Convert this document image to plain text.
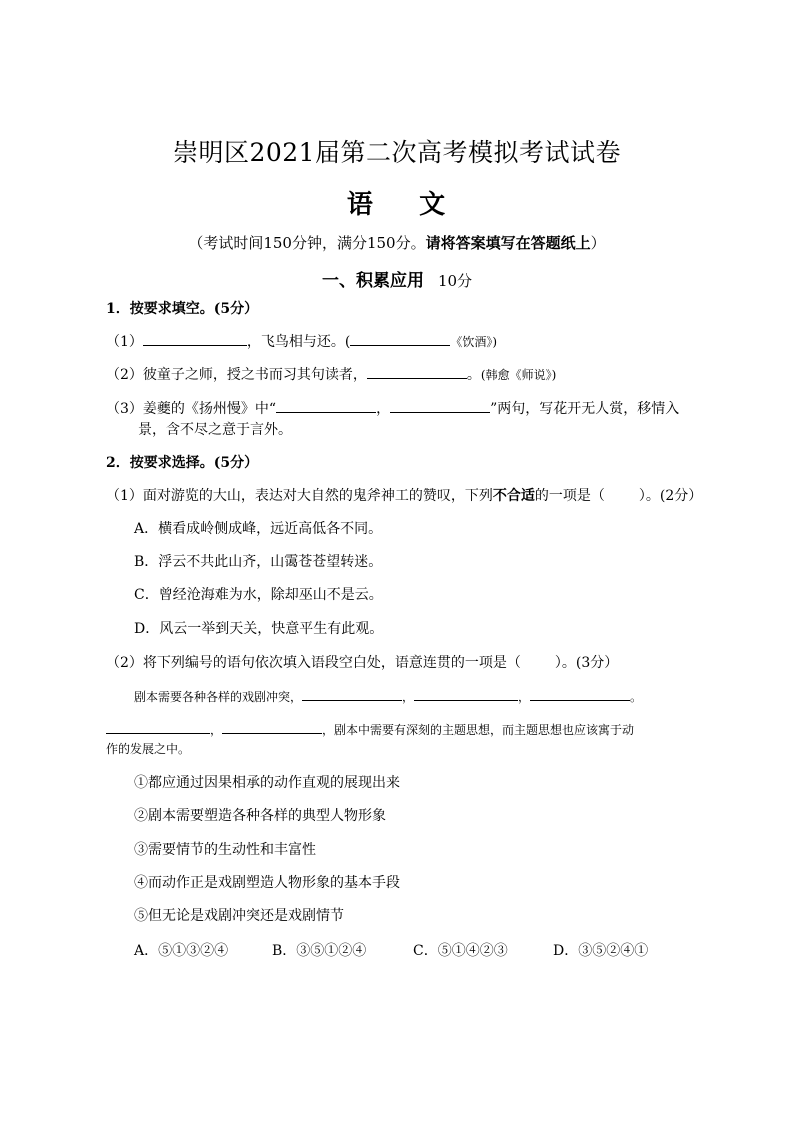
崇明区2021届第二次高考模拟考试试卷
语    文
（考试时间150分钟，满分150分。请将答案填写在答题纸上）
一、积累应用 10分
1．按要求填空。(5分）
（1）	，飞鸟相与还。(	《饮酒》)
（2）彼童子之师，授之书而习其句读者，	。(韩愈《师说》)
（3）姜夔的《扬州慢》中“	，	”两句，写花开无人赏，移情入
景，含不尽之意于言外。
2．按要求选择。(5分）
（1）面对游览的大山，表达对大自然的鬼斧神工的赞叹，下列不合适的一项是（ ）。(2分）
A．横看成岭侧成峰，远近高低各不同。
B．浮云不共此山齐，山霭苍苍望转迷。
C．曾经沧海难为水，除却巫山不是云。
D．风云一举到天关，快意平生有此观。
（2）将下列编号的语句依次填入语段空白处，语意连贯的一项是（ ）。(3分）
剧本需要各种各样的戏剧冲突，	，	，	。
，	，剧本中需要有深刻的主题思想，而主题思想也应该寓于动
作的发展之中。
①都应通过因果相承的动作直观的展现出来
②剧本需要塑造各种各样的典型人物形象
③需要情节的生动性和丰富性
④而动作正是戏剧塑造人物形象的基本手段
⑤但无论是戏剧冲突还是戏剧情节
A．⑤①③②④	B．③⑤①②④	C．⑤①④②③	D．③⑤②④①
